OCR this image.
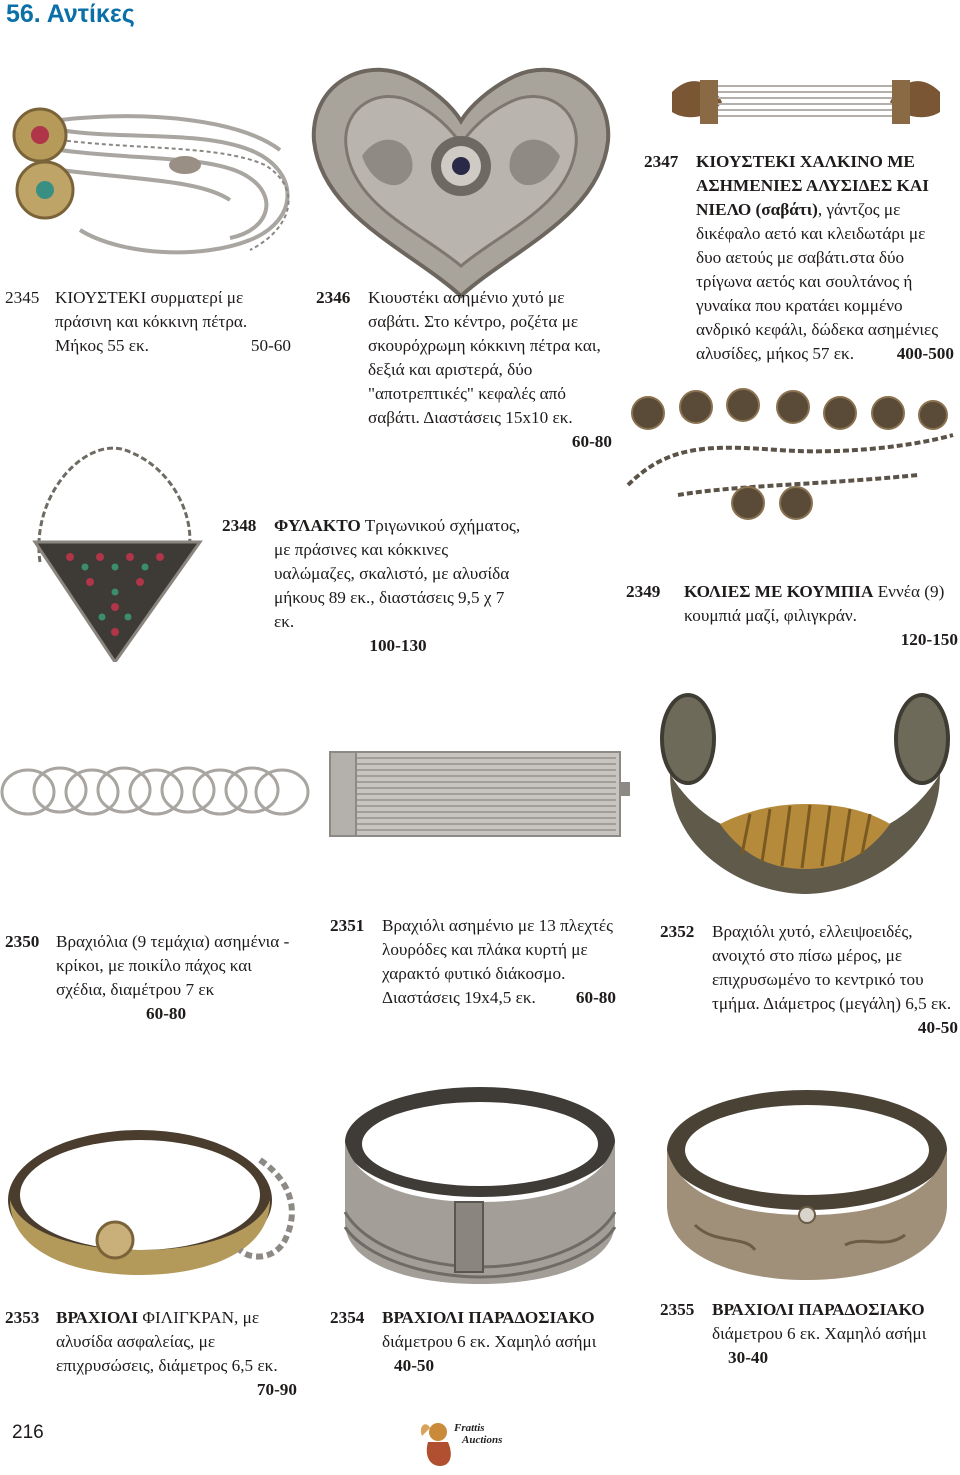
56. Αντίκες
2345 ΚΙΟΥΣΤΕΚΙ συρματερί με πράσινη και κόκκινη πέτρα. Μήκος 55 εκ.	50-60
2346 Κιουστέκι ασημένιο χυτό με σαβάτι. Στο κέντρο, ροζέτα με σκουρόχρωμη κόκκινη πέτρα και, δεξιά και αριστερά, δύο "αποτρεπτικές" κεφαλές από σαβάτι. Διαστάσεις 15x10 εκ.
60-80
2347 ΚΙΟΥΣΤΕΚΙ ΧΑΛΚΙΝΟ ΜΕ ΑΣΗΜΕΝΙΕΣ ΑΛΥΣΙΔΕΣ ΚΑΙ ΝΙΕΛΟ (σαβάτι), γάντζος με δικέφαλο αετό και κλειδωτάρι με δυο αετούς με σαβάτι.στα δύο τρίγωνα αετός και σουλτάνος ή γυναίκα που κρατάει κομμένο ανδρικό κεφάλι, δώδεκα ασημένιες αλυσίδες, μήκος 57 εκ. 400-500
2348 ΦΥΛΑΚΤΟ Τριγωνικού σχήματος, με πράσινες και κόκκινες υαλώμαζες, σκαλιστό, με αλυσίδα μήκους 89 εκ., διαστάσεις 9,5 χ 7 εκ.
100-130
2349 ΚΟΛΙΕΣ ΜΕ ΚΟΥΜΠΙΑ Εννέα (9) κουμπιά μαζί, φιλιγκράν.
120-150
2350 Βραχιόλια (9 τεμάχια) ασημένια - κρίκοι, με ποικίλο πάχος και σχέδια, διαμέτρου 7 εκ 60-80
2351 Βραχιόλι ασημένιο με 13 πλεχτές λουρόδες και πλάκα κυρτή με χαρακτό φυτικό διάκοσμο. Διαστάσεις 19x4,5 εκ. 60-80
2352 Βραχιόλι χυτό, ελλειψοειδές, ανοιχτό στο πίσω μέρος, με επιχρυσωμένο το κεντρικό του τμήμα. Διάμετρος (μεγάλη) 6,5 εκ.
40-50
2353 ΒΡΑΧΙΟΛΙ ΦΙΛΙΓΚΡΑΝ, με αλυσίδα ασφαλείας, με επιχρυσώσεις, διάμετρος 6,5 εκ.
70-90
2354 ΒΡΑΧΙΟΛΙ ΠΑΡΑΔΟΣΙΑΚΟ διάμετρου 6 εκ. Χαμηλό ασήμι 40-50
2355 ΒΡΑΧΙΟΛΙ ΠΑΡΑΔΟΣΙΑΚΟ διάμετρου 6 εκ. Χαμηλό ασήμι 30-40
216	Frattis
Auctions
